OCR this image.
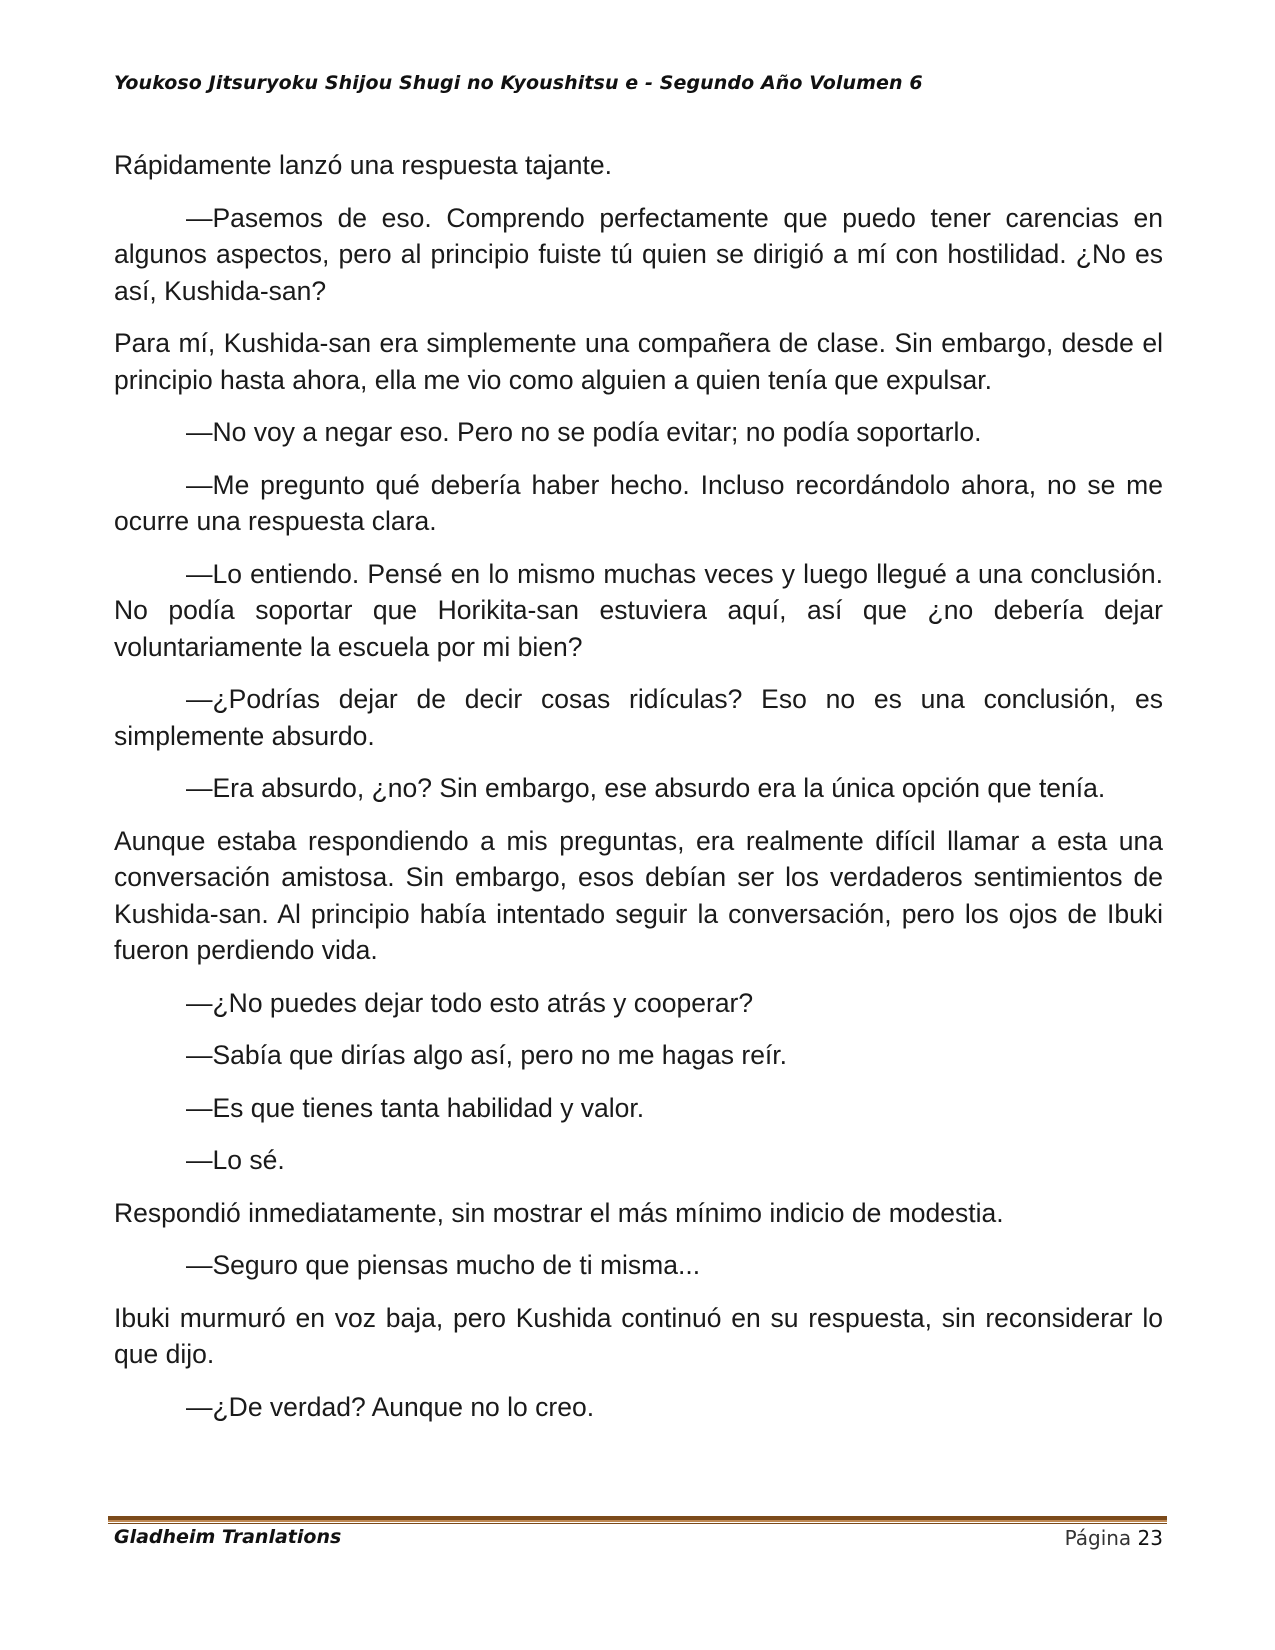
Youkoso Jitsuryoku Shijou Shugi no Kyoushitsu e - Segundo Año Volumen 6

Rápidamente lanzó una respuesta tajante.

—Pasemos de eso. Comprendo perfectamente que puedo tener carencias en algunos aspectos, pero al principio fuiste tú quien se dirigió a mí con hostilidad. ¿No es así, Kushida-san?

Para mí, Kushida-san era simplemente una compañera de clase. Sin embargo, desde el principio hasta ahora, ella me vio como alguien a quien tenía que expulsar.

—No voy a negar eso. Pero no se podía evitar; no podía soportarlo.

—Me pregunto qué debería haber hecho. Incluso recordándolo ahora, no se me ocurre una respuesta clara.

—Lo entiendo. Pensé en lo mismo muchas veces y luego llegué a una conclusión. No podía soportar que Horikita-san estuviera aquí, así que ¿no debería dejar voluntariamente la escuela por mi bien?

—¿Podrías dejar de decir cosas ridículas? Eso no es una conclusión, es simplemente absurdo.

—Era absurdo, ¿no? Sin embargo, ese absurdo era la única opción que tenía.

Aunque estaba respondiendo a mis preguntas, era realmente difícil llamar a esta una conversación amistosa. Sin embargo, esos debían ser los verdaderos sentimientos de Kushida-san. Al principio había intentado seguir la conversación, pero los ojos de Ibuki fueron perdiendo vida.

—¿No puedes dejar todo esto atrás y cooperar?

—Sabía que dirías algo así, pero no me hagas reír.

—Es que tienes tanta habilidad y valor.

—Lo sé.

Respondió inmediatamente, sin mostrar el más mínimo indicio de modestia.

—Seguro que piensas mucho de ti misma...

Ibuki murmuró en voz baja, pero Kushida continuó en su respuesta, sin reconsiderar lo que dijo.

—¿De verdad? Aunque no lo creo.

Gladheim Tranlations	Página 23
